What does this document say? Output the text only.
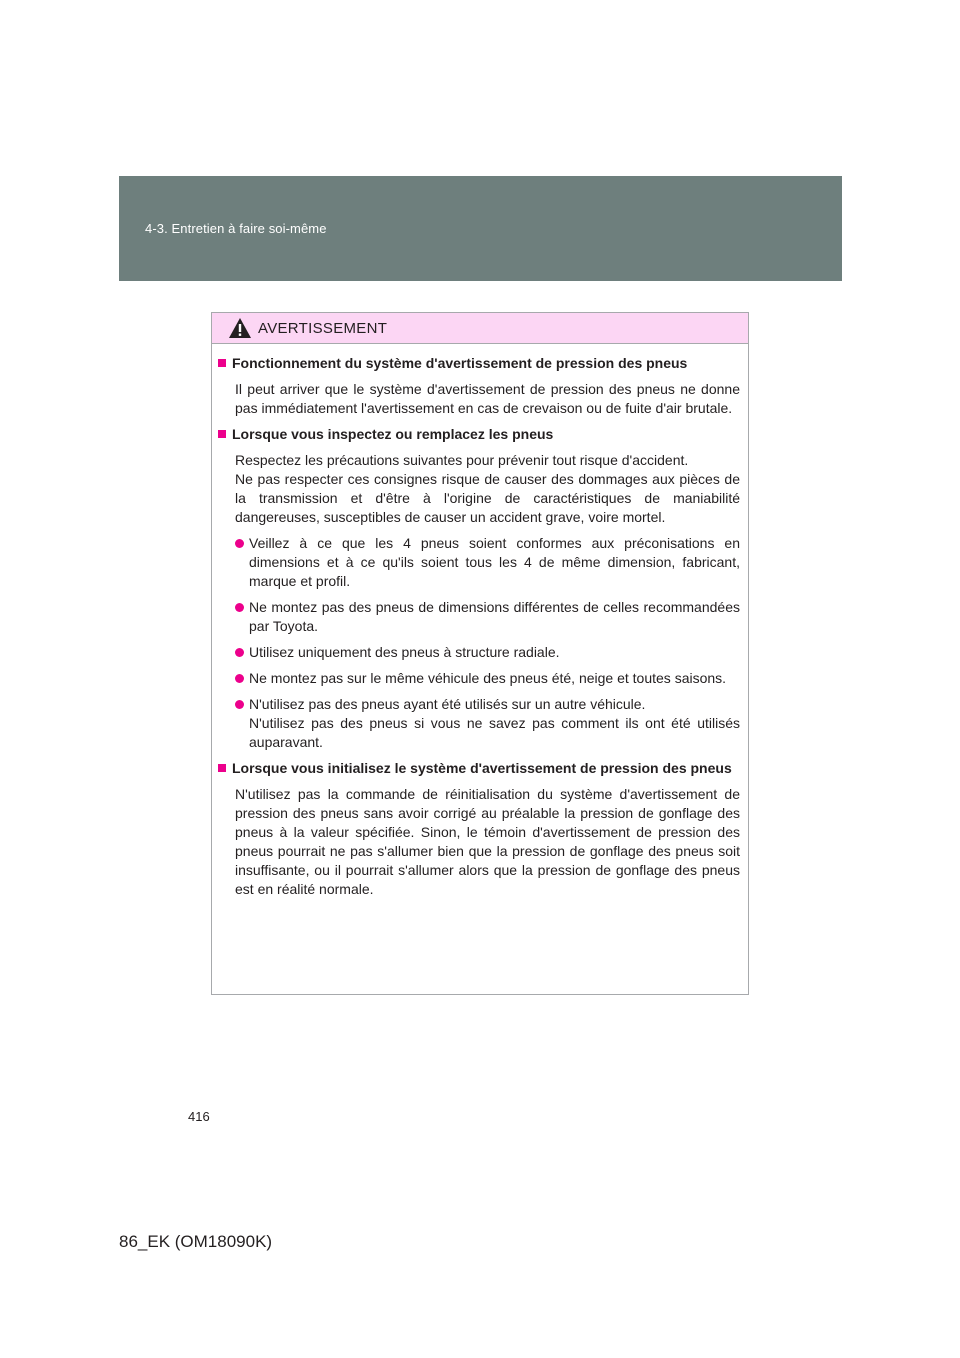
4-3. Entretien à faire soi-même
AVERTISSEMENT
Fonctionnement du système d'avertissement de pression des pneus
Il peut arriver que le système d'avertissement de pression des pneus ne donne pas immédiatement l'avertissement en cas de crevaison ou de fuite d'air brutale.
Lorsque vous inspectez ou remplacez les pneus
Respectez les précautions suivantes pour prévenir tout risque d'accident.
Ne pas respecter ces consignes risque de causer des dommages aux pièces de la transmission et d'être à l'origine de caractéristiques de maniabilité dangereuses, susceptibles de causer un accident grave, voire mortel.
Veillez à ce que les 4 pneus soient conformes aux préconisations en dimensions et à ce qu'ils soient tous les 4 de même dimension, fabricant, marque et profil.
Ne montez pas des pneus de dimensions différentes de celles recommandées par Toyota.
Utilisez uniquement des pneus à structure radiale.
Ne montez pas sur le même véhicule des pneus été, neige et toutes saisons.
N'utilisez pas des pneus ayant été utilisés sur un autre véhicule.
N'utilisez pas des pneus si vous ne savez pas comment ils ont été utilisés auparavant.
Lorsque vous initialisez le système d'avertissement de pression des pneus
N'utilisez pas la commande de réinitialisation du système d'avertissement de pression des pneus sans avoir corrigé au préalable la pression de gonflage des pneus à la valeur spécifiée. Sinon, le témoin d'avertissement de pression des pneus pourrait ne pas s'allumer bien que la pression de gonflage des pneus soit insuffisante, ou il pourrait s'allumer alors que la pression de gonflage des pneus est en réalité normale.
416
86_EK (OM18090K)
